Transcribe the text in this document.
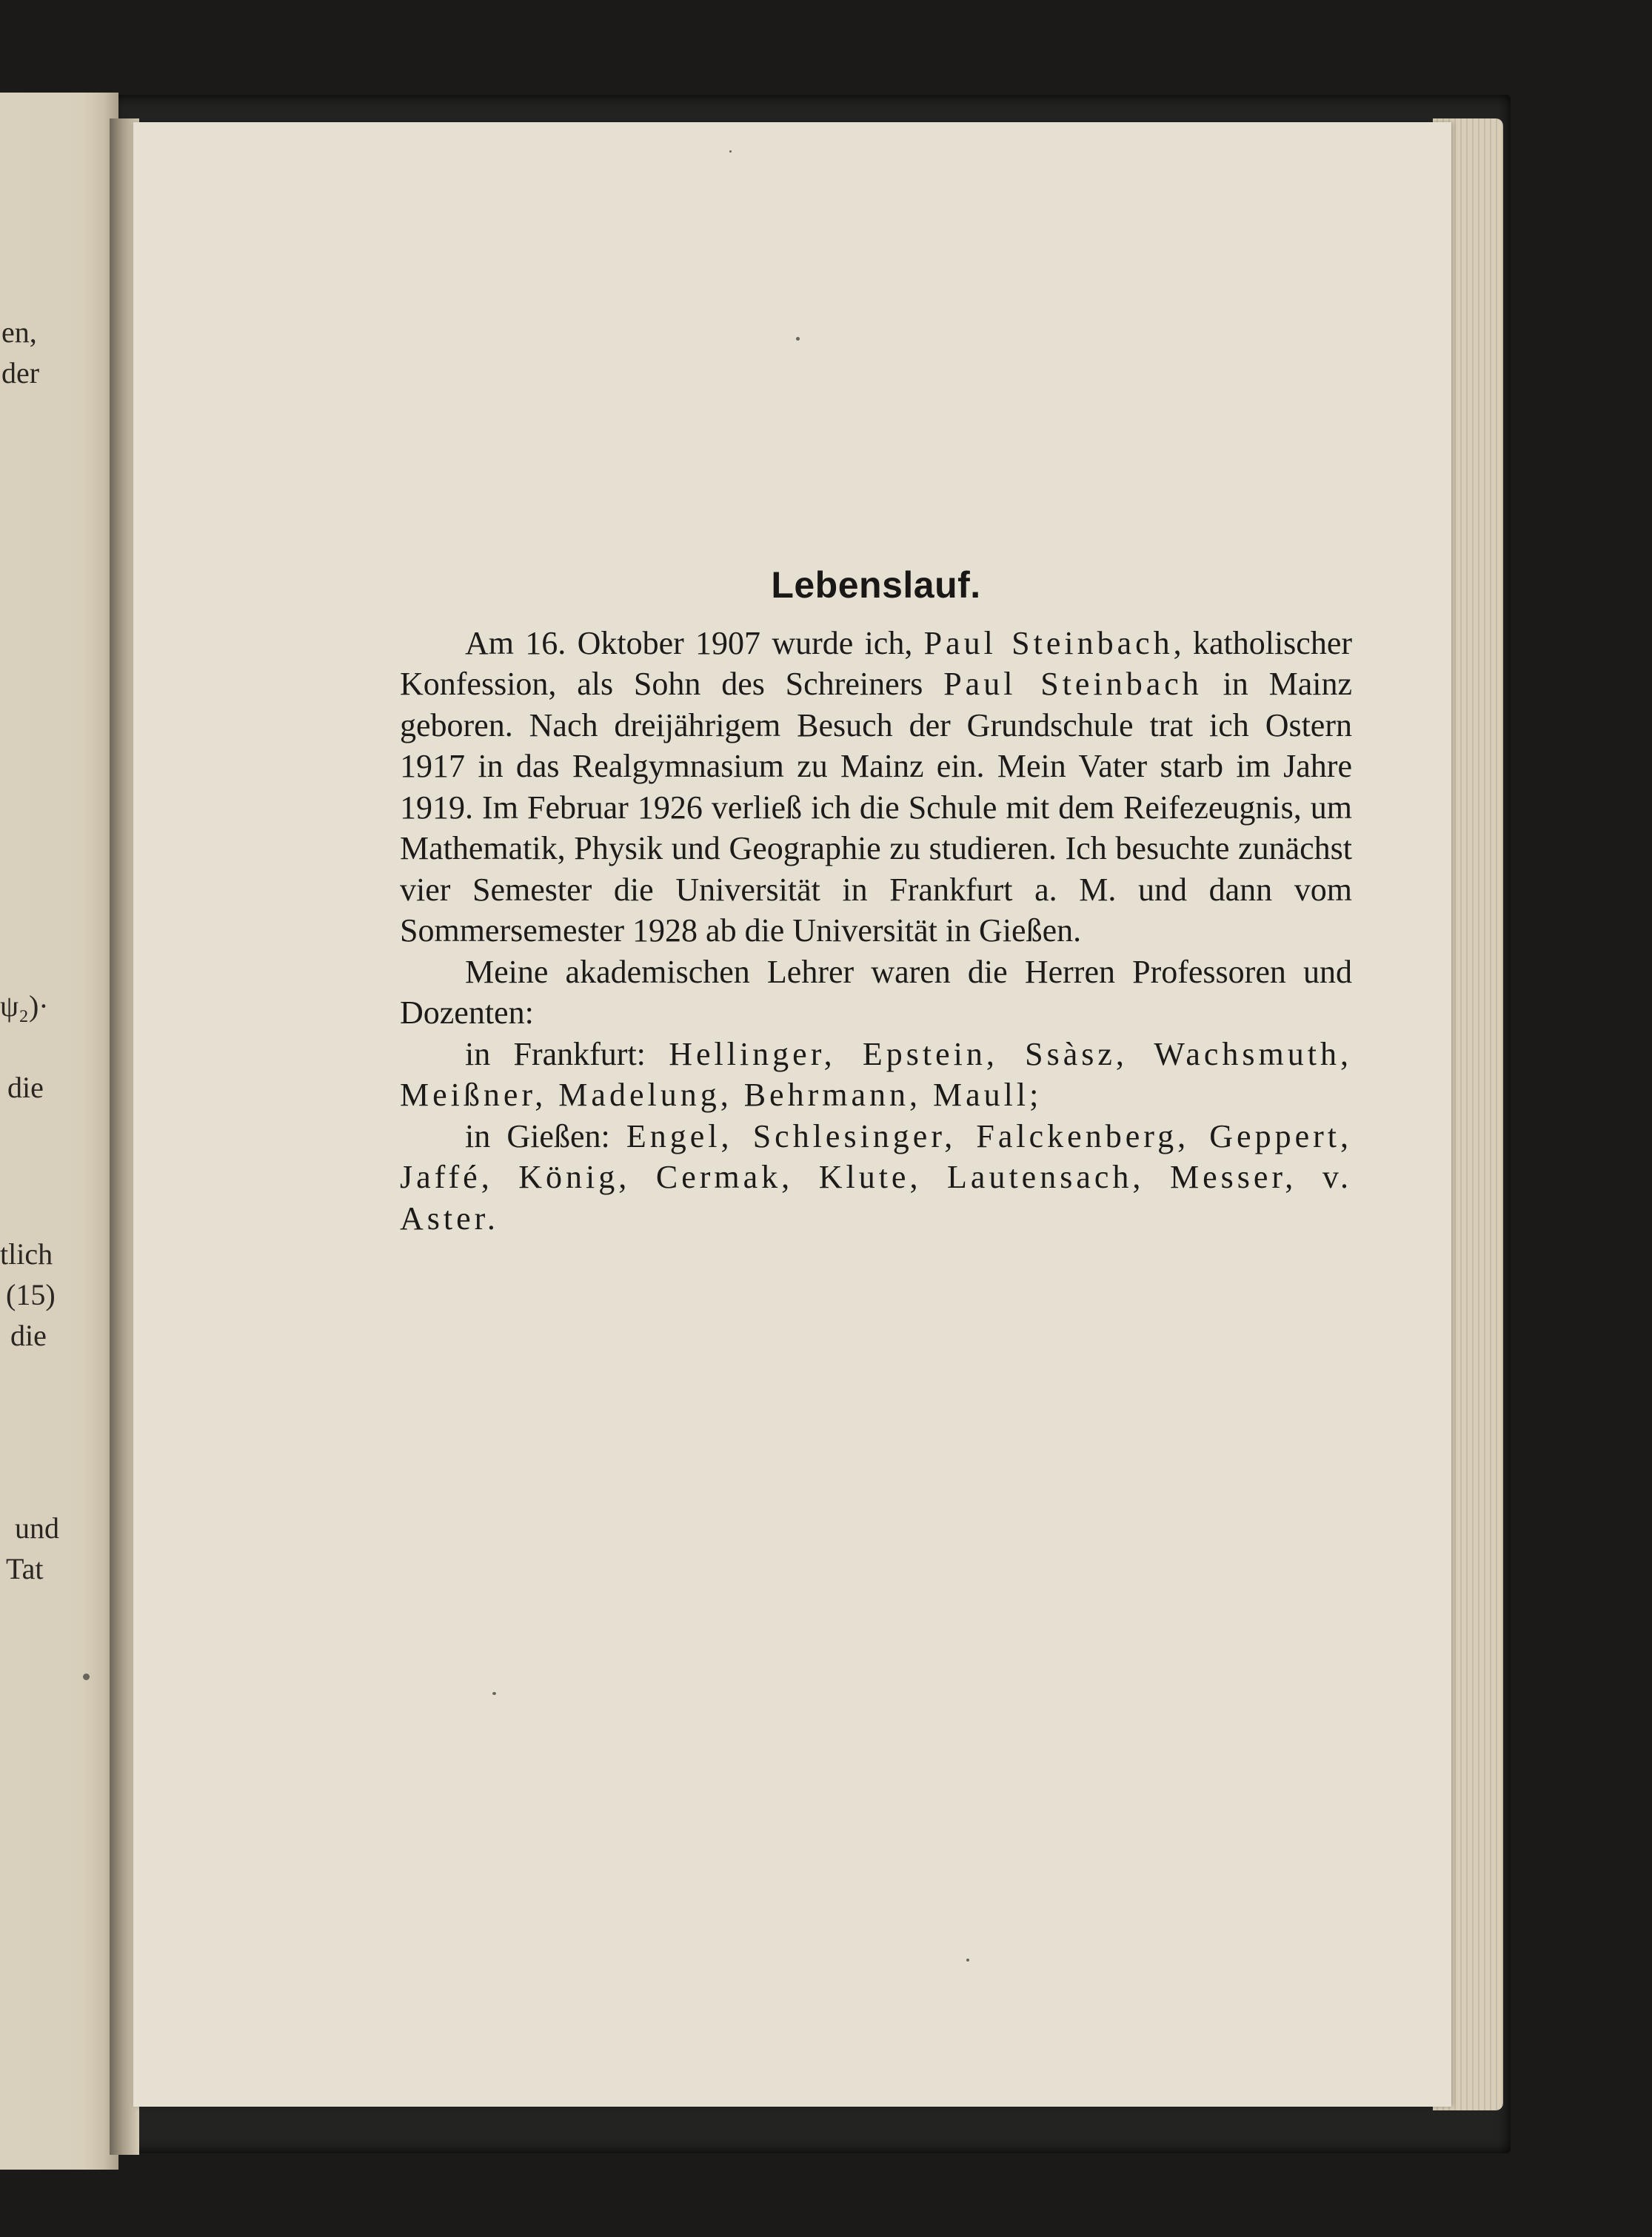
en,
der
ψ₂)·
die
tlich
(15)
die
und
Tat
Lebenslauf.

Am 16. Oktober 1907 wurde ich, Paul Steinbach, katholischer Konfession, als Sohn des Schreiners Paul Steinbach in Mainz geboren. Nach dreijährigem Besuch der Grundschule trat ich Ostern 1917 in das Realgymnasium zu Mainz ein. Mein Vater starb im Jahre 1919. Im Februar 1926 verließ ich die Schule mit dem Reifezeugnis, um Mathematik, Physik und Geographie zu studieren. Ich besuchte zunächst vier Semester die Universität in Frankfurt a. M. und dann vom Sommersemester 1928 ab die Universität in Gießen.

Meine akademischen Lehrer waren die Herren Professoren und Dozenten:

in Frankfurt: Hellinger, Epstein, Ssàsz, Wachsmuth, Meißner, Madelung, Behrmann, Maull;

in Gießen: Engel, Schlesinger, Falckenberg, Geppert, Jaffé, König, Cermak, Klute, Lautensach, Messer, v. Aster.
